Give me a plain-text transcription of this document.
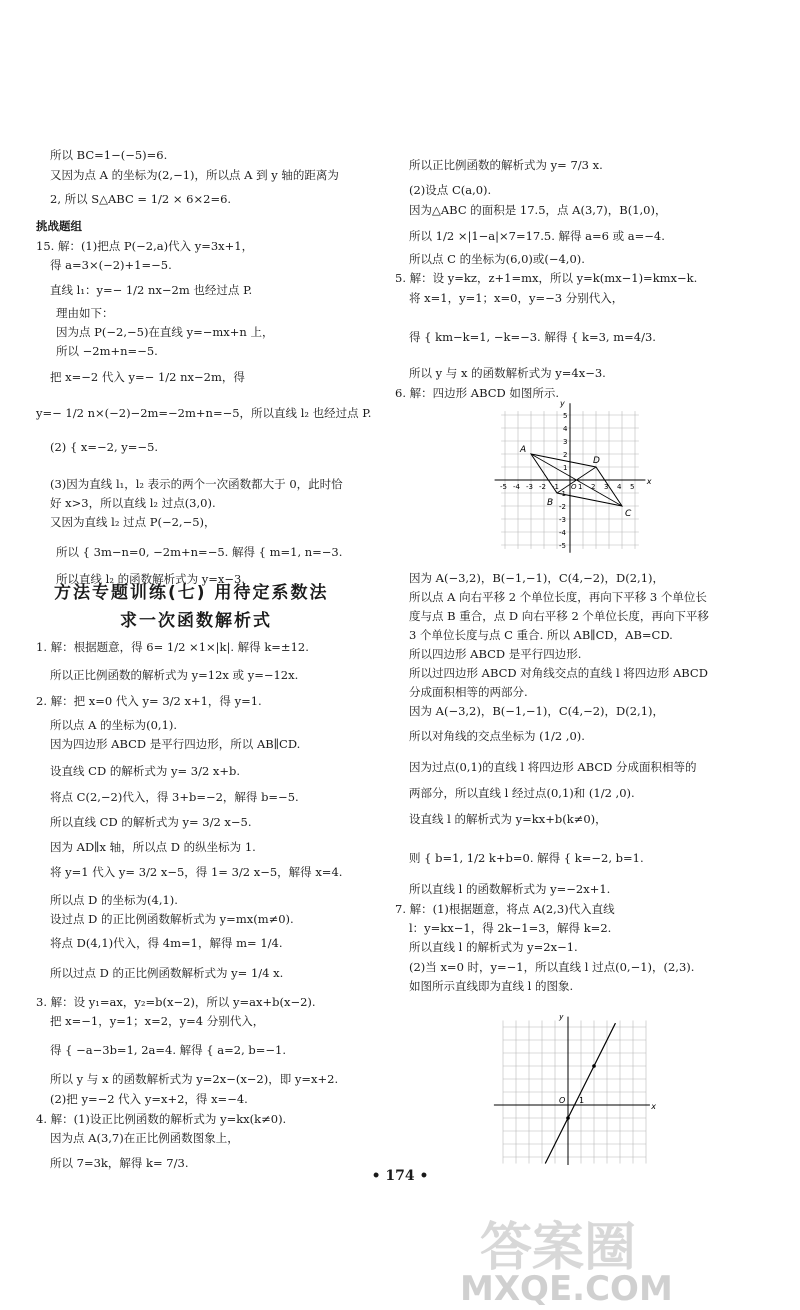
所以 BC=1−(−5)=6.
又因为点 A 的坐标为(2,−1)，所以点 A 到 y 轴的距离为
2, 所以 S△ABC = 1/2 × 6×2=6.
挑战题组
15. 解：(1)把点 P(−2,a)代入 y=3x+1，
得 a=3×(−2)+1=−5.
直线 l₁：y=− 1/2 nx−2m 也经过点 P.
理由如下：
因为点 P(−2,−5)在直线 y=−mx+n 上，
所以 −2m+n=−5.
把 x=−2 代入 y=− 1/2 nx−2m，得
y=− 1/2 n×(−2)−2m=−2m+n=−5，所以直线 l₂ 也经过点 P.
(2) { x=−2, y=−5.
(3)因为直线 l₁，l₂ 表示的两个一次函数都大于 0，此时恰
好 x>3，所以直线 l₂ 过点(3,0).
又因为直线 l₂ 过点 P(−2,−5)，
所以 { 3m−n=0, −2m+n=−5. 解得 { m=1, n=−3.
所以直线 l₂ 的函数解析式为 y=x−3.
1. 解：根据题意，得 6= 1/2 ×1×|k|. 解得 k=±12.
所以正比例函数的解析式为 y=12x 或 y=−12x.
2. 解：把 x=0 代入 y= 3/2 x+1，得 y=1.
所以点 A 的坐标为(0,1).
因为四边形 ABCD 是平行四边形，所以 AB∥CD.
设直线 CD 的解析式为 y= 3/2 x+b.
将点 C(2,−2)代入，得 3+b=−2，解得 b=−5.
所以直线 CD 的解析式为 y= 3/2 x−5.
因为 AD∥x 轴，所以点 D 的纵坐标为 1.
将 y=1 代入 y= 3/2 x−5，得 1= 3/2 x−5，解得 x=4.
所以点 D 的坐标为(4,1).
设过点 D 的正比例函数解析式为 y=mx(m≠0).
将点 D(4,1)代入，得 4m=1，解得 m= 1/4.
所以过点 D 的正比例函数解析式为 y= 1/4 x.
3. 解：设 y₁=ax，y₂=b(x−2)，所以 y=ax+b(x−2).
把 x=−1，y=1；x=2，y=4 分别代入，
得 { −a−3b=1, 2a=4. 解得 { a=2, b=−1.
所以 y 与 x 的函数解析式为 y=2x−(x−2)，即 y=x+2.
(2)把 y=−2 代入 y=x+2，得 x=−4.
4. 解：(1)设正比例函数的解析式为 y=kx(k≠0).
因为点 A(3,7)在正比例函数图象上，
所以 7=3k，解得 k= 7/3.
所以正比例函数的解析式为 y= 7/3 x.
(2)设点 C(a,0).
因为△ABC 的面积是 17.5，点 A(3,7)，B(1,0)，
所以 1/2 ×|1−a|×7=17.5. 解得 a=6 或 a=−4.
所以点 C 的坐标为(6,0)或(−4,0).
5. 解：设 y=kz，z+1=mx，所以 y=k(mx−1)=kmx−k.
将 x=1，y=1；x=0，y=−3 分别代入，
得 { km−k=1, −k=−3. 解得 { k=3, m=4/3.
所以 y 与 x 的函数解析式为 y=4x−3.
6. 解：四边形 ABCD 如图所示.
因为 A(−3,2)，B(−1,−1)，C(4,−2)，D(2,1)，
所以点 A 向右平移 2 个单位长度，再向下平移 3 个单位长
度与点 B 重合，点 D 向右平移 2 个单位长度，再向下平移
3 个单位长度与点 C 重合. 所以 AB∥CD，AB=CD.
所以四边形 ABCD 是平行四边形.
所以过四边形 ABCD 对角线交点的直线 l 将四边形 ABCD
分成面积相等的两部分.
因为 A(−3,2)，B(−1,−1)，C(4,−2)，D(2,1)，
所以对角线的交点坐标为 (1/2 ,0).
因为过点(0,1)的直线 l 将四边形 ABCD 分成面积相等的
两部分，所以直线 l 经过点(0,1)和 (1/2 ,0).
设直线 l 的解析式为 y=kx+b(k≠0)，
则 { b=1, 1/2 k+b=0. 解得 { k=−2, b=1.
所以直线 l 的函数解析式为 y=−2x+1.
7. 解：(1)根据题意，将点 A(2,3)代入直线
l：y=kx−1，得 2k−1=3，解得 k=2.
所以直线 l 的解析式为 y=2x−1.
(2)当 x=0 时，y=−1，所以直线 l 过点(0,−1)，(2,3).
如图所示直线即为直线 l 的图象.
方法专题训练(七) 用待定系数法
求一次函数解析式
x
y
-5 -4 -3 -2 -1 O 1 2 3 4 5
5
4
3
2
1
-1
-2
-3
-4
-5
A
B
C
D
x
y
O 1
• 174 •
答案圈
MXQE.COM
